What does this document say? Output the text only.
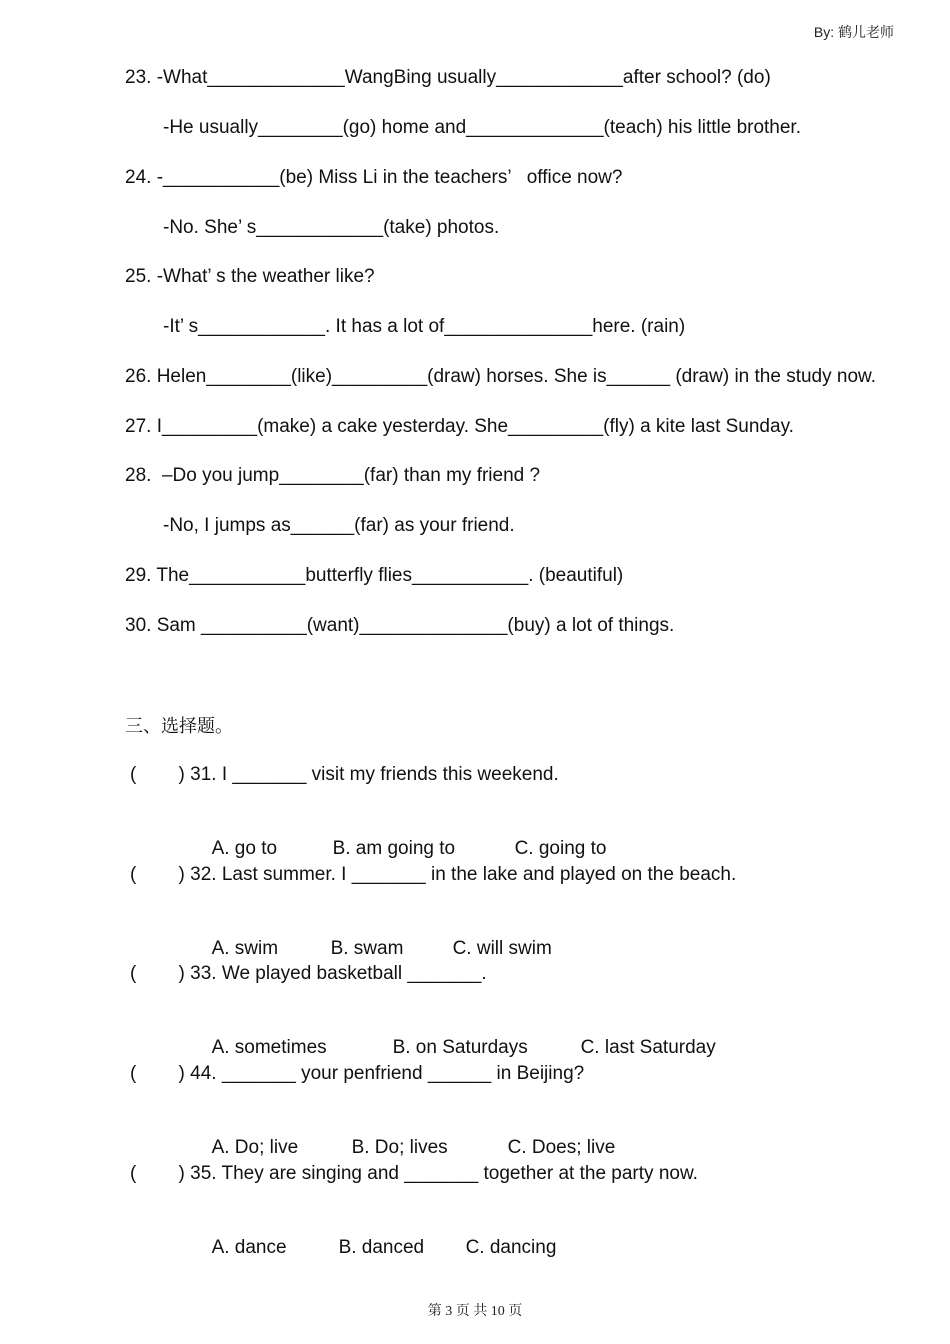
By: 鹤儿老师
23. -What_____________WangBing usually____________after school? (do)
-He usually________(go) home and_____________(teach) his little brother.
24. -___________(be) Miss Li in the teachers’   office now?
-No. She’ s____________(take) photos.
25. -What’ s the weather like?
-It’ s____________. It has a lot of______________here. (rain)
26. Helen________(like)_________(draw) horses. She is______ (draw) in the study now.
27. I_________(make) a cake yesterday. She_________(fly) a kite last Sunday.
28.  –Do you jump________(far) than my friend ?
-No, I jumps as______(far) as your friend.
29. The___________butterfly flies___________. (beautiful)
30. Sam __________(want)______________(buy) a lot of things.
三、选择题。
(        ) 31. I _______ visit my friends this weekend.

A. go to	B. am going to	C. going to

(        ) 32. Last summer. I _______ in the lake and played on the beach.

A. swim	B. swam	C. will swim

(        ) 33. We played basketball _______.

A. sometimes	B. on Saturdays	C. last Saturday

(        ) 44. _______ your penfriend ______ in Beijing?

A. Do; live	B. Do; lives	C. Does; live

(        ) 35. They are singing and _______ together at the party now.

A. dance	B. danced C. dancing

第 3 页 共 10 页
